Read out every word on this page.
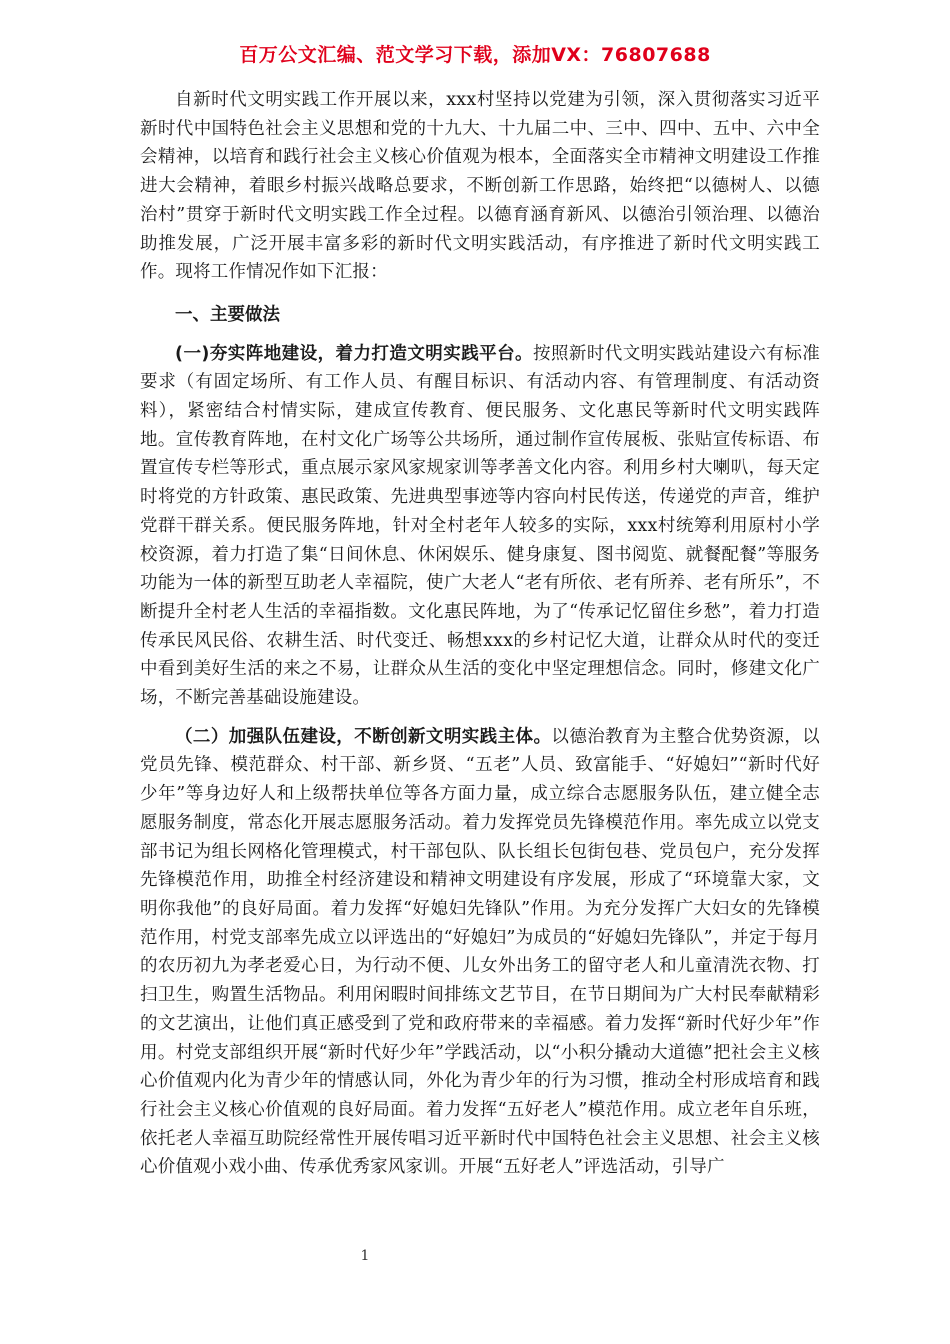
百万公文汇编、范文学习下载，添加VX：76807688

自新时代文明实践工作开展以来，xxx村坚持以党建为引领，深入贯彻落实习近平新时代中国特色社会主义思想和党的十九大、十九届二中、三中、四中、五中、六中全会精神，以培育和践行社会主义核心价值观为根本，全面落实全市精神文明建设工作推进大会精神，着眼乡村振兴战略总要求，不断创新工作思路，始终把“以德树人、以德治村”贯穿于新时代文明实践工作全过程。以德育涵育新风、以德治引领治理、以德治助推发展，广泛开展丰富多彩的新时代文明实践活动，有序推进了新时代文明实践工作。现将工作情况作如下汇报：

一、主要做法

(一)夯实阵地建设，着力打造文明实践平台。按照新时代文明实践站建设六有标准要求（有固定场所、有工作人员、有醒目标识、有活动内容、有管理制度、有活动资料），紧密结合村情实际，建成宣传教育、便民服务、文化惠民等新时代文明实践阵地。宣传教育阵地，在村文化广场等公共场所，通过制作宣传展板、张贴宣传标语、布置宣传专栏等形式，重点展示家风家规家训等孝善文化内容。利用乡村大喇叭，每天定时将党的方针政策、惠民政策、先进典型事迹等内容向村民传送，传递党的声音，维护党群干群关系。便民服务阵地，针对全村老年人较多的实际，xxx村统筹利用原村小学校资源，着力打造了集“日间休息、休闲娱乐、健身康复、图书阅览、就餐配餐”等服务功能为一体的新型互助老人幸福院，使广大老人“老有所依、老有所养、老有所乐”，不断提升全村老人生活的幸福指数。文化惠民阵地，为了“传承记忆留住乡愁”，着力打造传承民风民俗、农耕生活、时代变迁、畅想xxx的乡村记忆大道，让群众从时代的变迁中看到美好生活的来之不易，让群众从生活的变化中坚定理想信念。同时，修建文化广场，不断完善基础设施建设。

（二）加强队伍建设，不断创新文明实践主体。以德治教育为主整合优势资源，以党员先锋、模范群众、村干部、新乡贤、“五老”人员、致富能手、“好媳妇”“新时代好少年”等身边好人和上级帮扶单位等各方面力量，成立综合志愿服务队伍，建立健全志愿服务制度，常态化开展志愿服务活动。着力发挥党员先锋模范作用。率先成立以党支部书记为组长网格化管理模式，村干部包队、队长组长包街包巷、党员包户，充分发挥先锋模范作用，助推全村经济建设和精神文明建设有序发展，形成了“环境靠大家，文明你我他”的良好局面。着力发挥“好媳妇先锋队”作用。为充分发挥广大妇女的先锋模范作用，村党支部率先成立以评选出的“好媳妇”为成员的“好媳妇先锋队”，并定于每月的农历初九为孝老爱心日，为行动不便、儿女外出务工的留守老人和儿童清洗衣物、打扫卫生，购置生活物品。利用闲暇时间排练文艺节目，在节日期间为广大村民奉献精彩的文艺演出，让他们真正感受到了党和政府带来的幸福感。着力发挥“新时代好少年”作用。村党支部组织开展“新时代好少年”学践活动，以“小积分撬动大道德”把社会主义核心价值观内化为青少年的情感认同，外化为青少年的行为习惯，推动全村形成培育和践行社会主义核心价值观的良好局面。着力发挥“五好老人”模范作用。成立老年自乐班，依托老人幸福互助院经常性开展传唱习近平新时代中国特色社会主义思想、社会主义核心价值观小戏小曲、传承优秀家风家训。开展“五好老人”评选活动，引导广

1
